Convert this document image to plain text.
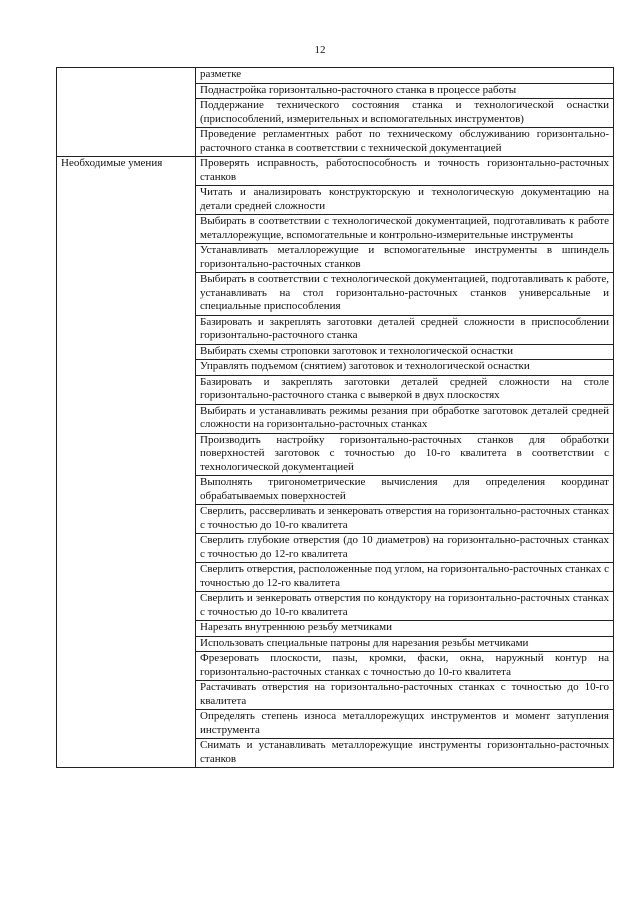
12
	разметке
	Поднастройка горизонтально-расточного станка в процессе работы
	Поддержание технического состояния станка и технологической оснастки (приспособлений, измерительных и вспомогательных инструментов)
	Проведение регламентных работ по техническому обслуживанию горизонтально-расточного станка в соответствии с технической документацией
Необходимые умения	Проверять исправность, работоспособность и точность горизонтально-расточных станков
	Читать и анализировать конструкторскую и технологическую документацию на детали средней сложности
	Выбирать в соответствии с технологической документацией, подготавливать к работе металлорежущие, вспомогательные и контрольно-измерительные инструменты
	Устанавливать металлорежущие и вспомогательные инструменты в шпиндель горизонтально-расточных станков
	Выбирать в соответствии с технологической документацией, подготавливать к работе, устанавливать на стол горизонтально-расточных станков универсальные и специальные приспособления
	Базировать и закреплять заготовки деталей средней сложности в приспособлении горизонтально-расточного станка
	Выбирать схемы строповки заготовок и технологической оснастки
	Управлять подъемом (снятием) заготовок и технологической оснастки
	Базировать и закреплять заготовки деталей средней сложности на столе горизонтально-расточного станка с выверкой в двух плоскостях
	Выбирать и устанавливать режимы резания при обработке заготовок деталей средней сложности на горизонтально-расточных станках
	Производить настройку горизонтально-расточных станков для обработки поверхностей заготовок с точностью до 10-го квалитета в соответствии с технологической документацией
	Выполнять тригонометрические вычисления для определения координат обрабатываемых поверхностей
	Сверлить, рассверливать и зенкеровать отверстия на горизонтально-расточных станках с точностью до 10-го квалитета
	Сверлить глубокие отверстия (до 10 диаметров) на горизонтально-расточных станках с точностью до 12-го квалитета
	Сверлить отверстия, расположенные под углом, на горизонтально-расточных станках с точностью до 12-го квалитета
	Сверлить и зенкеровать отверстия по кондуктору на горизонтально-расточных станках с точностью до 10-го квалитета
	Нарезать внутреннюю резьбу метчиками
	Использовать специальные патроны для нарезания резьбы метчиками
	Фрезеровать плоскости, пазы, кромки, фаски, окна, наружный контур на горизонтально-расточных станках с точностью до 10-го квалитета
	Растачивать отверстия на горизонтально-расточных станках с точностью до 10-го квалитета
	Определять степень износа металлорежущих инструментов и момент затупления инструмента
	Снимать и устанавливать металлорежущие инструменты горизонтально-расточных станков
